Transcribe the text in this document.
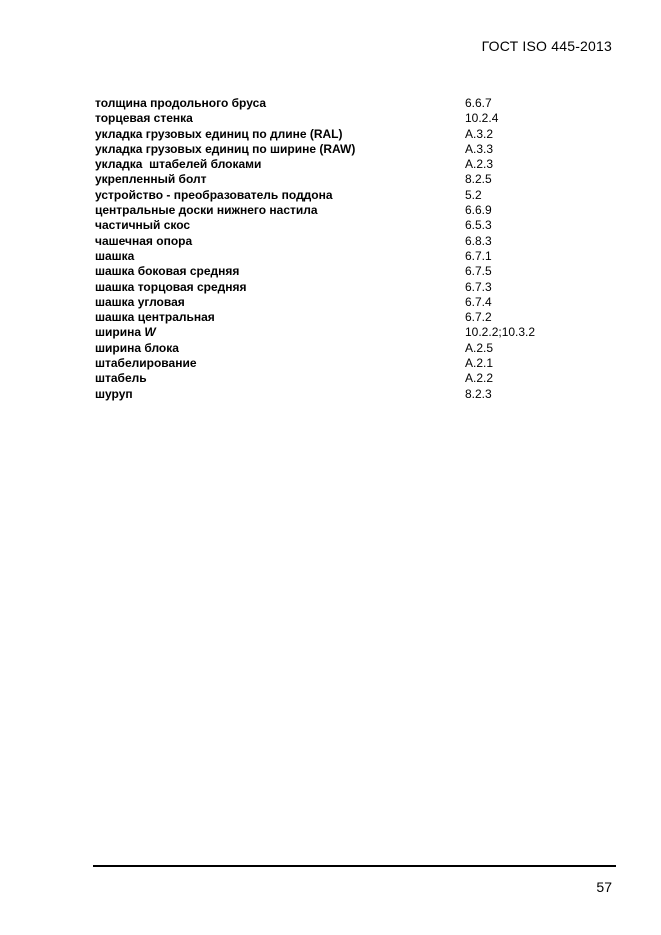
ГОСТ ISO 445-2013
толщина продольного бруса	6.6.7
торцевая стенка	10.2.4
укладка грузовых единиц по длине (RAL)	A.3.2
укладка грузовых единиц по ширине (RAW)	A.3.3
укладка  штабелей блоками	A.2.3
укрепленный болт	8.2.5
устройство - преобразователь поддона	5.2
центральные доски нижнего настила	6.6.9
частичный скос	6.5.3
чашечная опора	6.8.3
шашка	6.7.1
шашка боковая средняя	6.7.5
шашка торцовая средняя	6.7.3
шашка угловая	6.7.4
шашка центральная	6.7.2
ширина W	10.2.2;10.3.2
ширина блока	A.2.5
штабелирование	A.2.1
штабель	A.2.2
шуруп	8.2.3
57
